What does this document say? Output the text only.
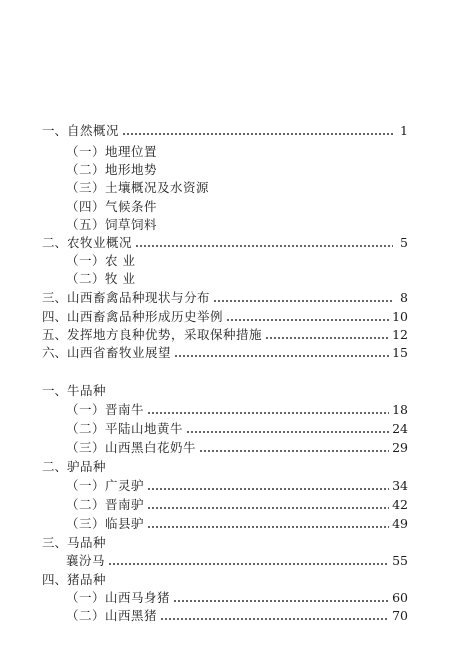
一、 自然概况	1
（一）地理位置
（二）地形地势
（三）土壤概况及水资源
（四）气候条件
（五）饲草饲料
二、 农牧业概况	5
（一）农 业
（二）牧 业
三、 山西畜禽品种现状与分布	8
四、 山西畜禽品种形成历史举例	10
五、 发挥地方良种优势，采取保种措施	12
六、 山西省畜牧业展望	15
一、 牛品种
（一）晋南牛	18
（二）平陆山地黄牛	24
（三）山西黑白花奶牛	29
二、 驴品种
（一）广灵驴	34
（二）晋南驴	42
（三）临县驴	49
三、 马品种
襄汾马	55
四、 猪品种
（一）山西马身猪	60
（二）山西黑猪	70
